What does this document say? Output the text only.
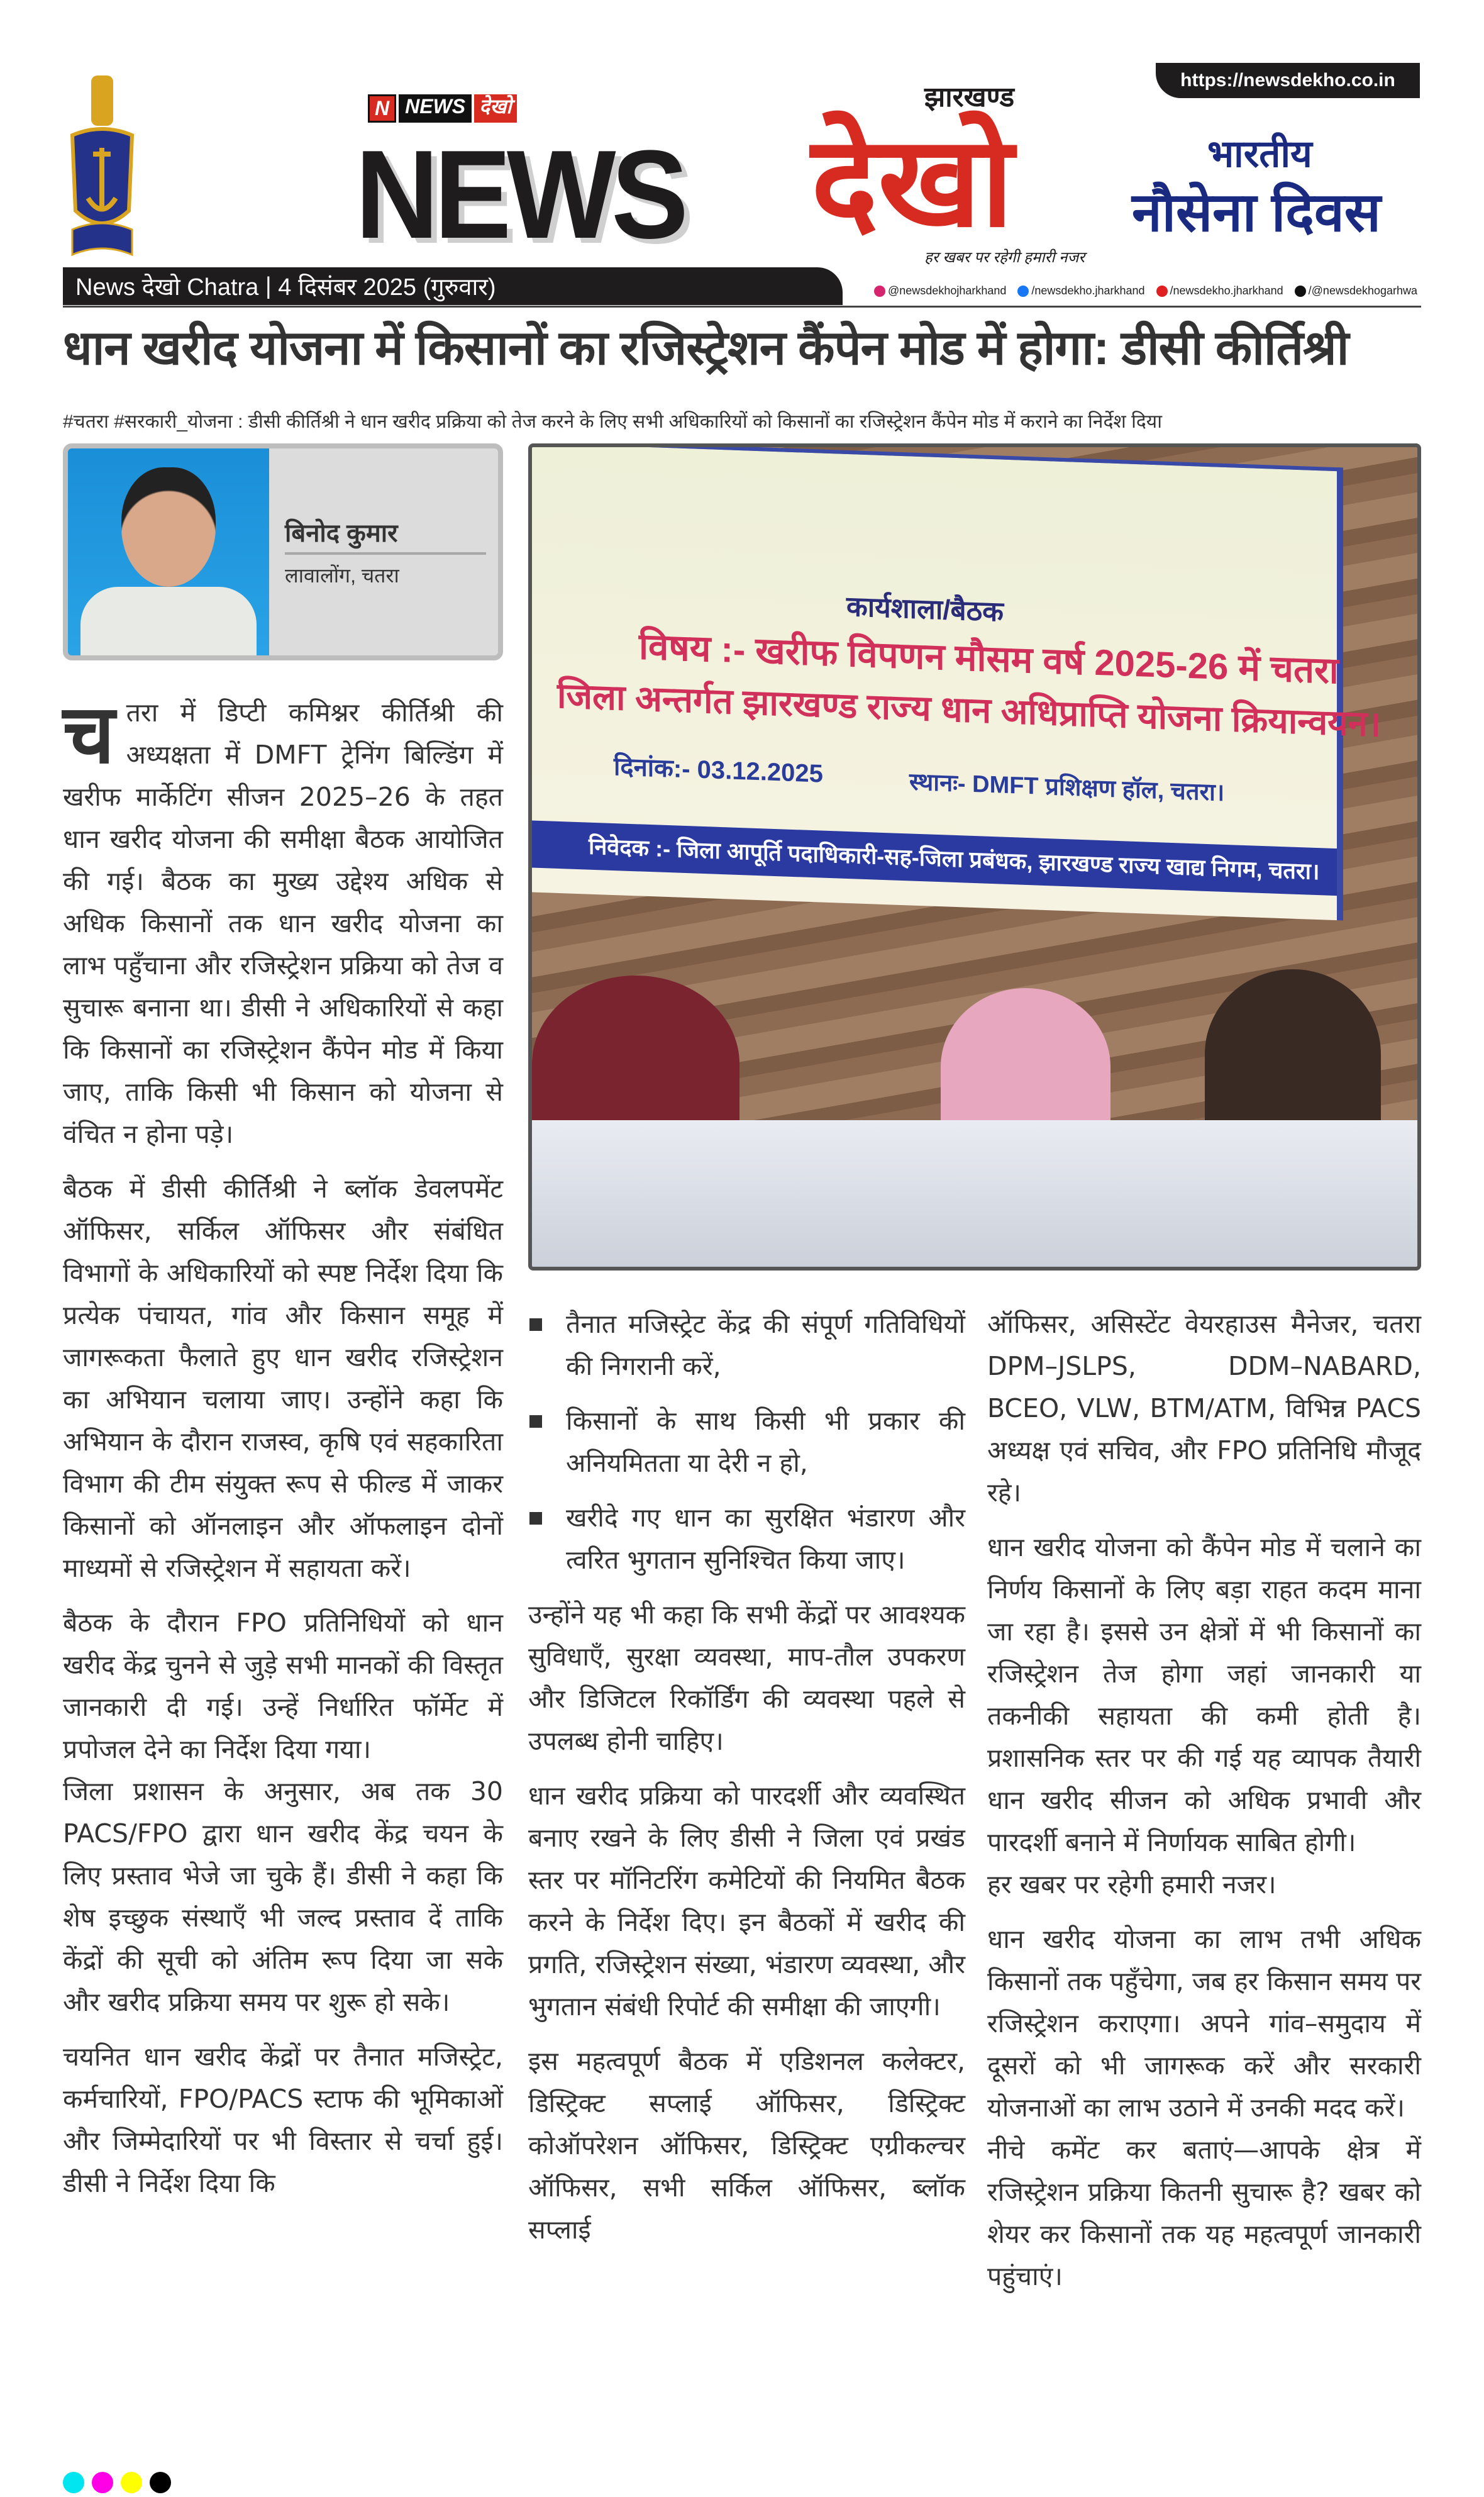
https://newsdekho.co.in
N NEWS देखो
NEWS
झारखण्ड
देखो
हर खबर पर रहेगी हमारी नजर
भारतीय
नौसेना दिवस
News देखो Chatra | 4 दिसंबर 2025 (गुरुवार)	@newsdekhojharkhand	/newsdekho.jharkhand	/newsdekho.jharkhand	/@newsdekhogarhwa
धान खरीद योजना में किसानों का रजिस्ट्रेशन कैंपेन मोड में होगा: डीसी कीर्तिश्री
#चतरा #सरकारी_योजना : डीसी कीर्तिश्री ने धान खरीद प्रक्रिया को तेज करने के लिए सभी अधिकारियों को किसानों का रजिस्ट्रेशन कैंपेन मोड में कराने का निर्देश दिया
बिनोद कुमार
लावालोंग, चतरा
कार्यशाला/बैठक
विषय :- खरीफ विपणन मौसम वर्ष 2025-26 में चतरा
जिला अन्तर्गत झारखण्ड राज्य धान अधिप्राप्ति योजना क्रियान्वयन।
दिनांक:- 03.12.2025	स्थानः- DMFT प्रशिक्षण हॉल, चतरा।
निवेदक :- जिला आपूर्ति पदाधिकारी-सह-जिला प्रबंधक, झारखण्ड राज्य खाद्य निगम, चतरा।

चतरा में डिप्टी कमिश्नर कीर्तिश्री की अध्यक्षता में DMFT ट्रेनिंग बिल्डिंग में खरीफ मार्केटिंग सीजन 2025–26 के तहत धान खरीद योजना की समीक्षा बैठक आयोजित की गई। बैठक का मुख्य उद्देश्य अधिक से अधिक किसानों तक धान खरीद योजना का लाभ पहुँचाना और रजिस्ट्रेशन प्रक्रिया को तेज व सुचारू बनाना था। डीसी ने अधिकारियों से कहा कि किसानों का रजिस्ट्रेशन कैंपेन मोड में किया जाए, ताकि किसी भी किसान को योजना से वंचित न होना पड़े।

बैठक में डीसी कीर्तिश्री ने ब्लॉक डेवलपमेंट ऑफिसर, सर्किल ऑफिसर और संबंधित विभागों के अधिकारियों को स्पष्ट निर्देश दिया कि प्रत्येक पंचायत, गांव और किसान समूह में जागरूकता फैलाते हुए धान खरीद रजिस्ट्रेशन का अभियान चलाया जाए। उन्होंने कहा कि अभियान के दौरान राजस्व, कृषि एवं सहकारिता विभाग की टीम संयुक्त रूप से फील्ड में जाकर किसानों को ऑनलाइन और ऑफलाइन दोनों माध्यमों से रजिस्ट्रेशन में सहायता करें।

बैठक के दौरान FPO प्रतिनिधियों को धान खरीद केंद्र चुनने से जुड़े सभी मानकों की विस्तृत जानकारी दी गई। उन्हें निर्धारित फॉर्मेट में प्रपोजल देने का निर्देश दिया गया।

जिला प्रशासन के अनुसार, अब तक 30 PACS/FPO द्वारा धान खरीद केंद्र चयन के लिए प्रस्ताव भेजे जा चुके हैं। डीसी ने कहा कि शेष इच्छुक संस्थाएँ भी जल्द प्रस्ताव दें ताकि केंद्रों की सूची को अंतिम रूप दिया जा सके और खरीद प्रक्रिया समय पर शुरू हो सके।

चयनित धान खरीद केंद्रों पर तैनात मजिस्ट्रेट, कर्मचारियों, FPO/PACS स्टाफ की भूमिकाओं और जिम्मेदारियों पर भी विस्तार से चर्चा हुई। डीसी ने निर्देश दिया कि

तैनात मजिस्ट्रेट केंद्र की संपूर्ण गतिविधियों की निगरानी करें,
किसानों के साथ किसी भी प्रकार की अनियमितता या देरी न हो,
खरीदे गए धान का सुरक्षित भंडारण और त्वरित भुगतान सुनिश्चित किया जाए।

उन्होंने यह भी कहा कि सभी केंद्रों पर आवश्यक सुविधाएँ, सुरक्षा व्यवस्था, माप-तौल उपकरण और डिजिटल रिकॉर्डिंग की व्यवस्था पहले से उपलब्ध होनी चाहिए।

धान खरीद प्रक्रिया को पारदर्शी और व्यवस्थित बनाए रखने के लिए डीसी ने जिला एवं प्रखंड स्तर पर मॉनिटरिंग कमेटियों की नियमित बैठक करने के निर्देश दिए। इन बैठकों में खरीद की प्रगति, रजिस्ट्रेशन संख्या, भंडारण व्यवस्था, और भुगतान संबंधी रिपोर्ट की समीक्षा की जाएगी।

इस महत्वपूर्ण बैठक में एडिशनल कलेक्टर, डिस्ट्रिक्ट सप्लाई ऑफिसर, डिस्ट्रिक्ट कोऑपरेशन ऑफिसर, डिस्ट्रिक्ट एग्रीकल्चर ऑफिसर, सभी सर्किल ऑफिसर, ब्लॉक सप्लाई

ऑफिसर, असिस्टेंट वेयरहाउस मैनेजर, चतरा DPM–JSLPS, DDM–NABARD, BCEO, VLW, BTM/ATM, विभिन्न PACS अध्यक्ष एवं सचिव, और FPO प्रतिनिधि मौजूद रहे।

धान खरीद योजना को कैंपेन मोड में चलाने का निर्णय किसानों के लिए बड़ा राहत कदम माना जा रहा है। इससे उन क्षेत्रों में भी किसानों का रजिस्ट्रेशन तेज होगा जहां जानकारी या तकनीकी सहायता की कमी होती है। प्रशासनिक स्तर पर की गई यह व्यापक तैयारी धान खरीद सीजन को अधिक प्रभावी और पारदर्शी बनाने में निर्णायक साबित होगी।

हर खबर पर रहेगी हमारी नजर।

धान खरीद योजना का लाभ तभी अधिक किसानों तक पहुँचेगा, जब हर किसान समय पर रजिस्ट्रेशन कराएगा। अपने गांव–समुदाय में दूसरों को भी जागरूक करें और सरकारी योजनाओं का लाभ उठाने में उनकी मदद करें।

नीचे कमेंट कर बताएं—आपके क्षेत्र में रजिस्ट्रेशन प्रक्रिया कितनी सुचारू है? खबर को शेयर कर किसानों तक यह महत्वपूर्ण जानकारी पहुंचाएं।
